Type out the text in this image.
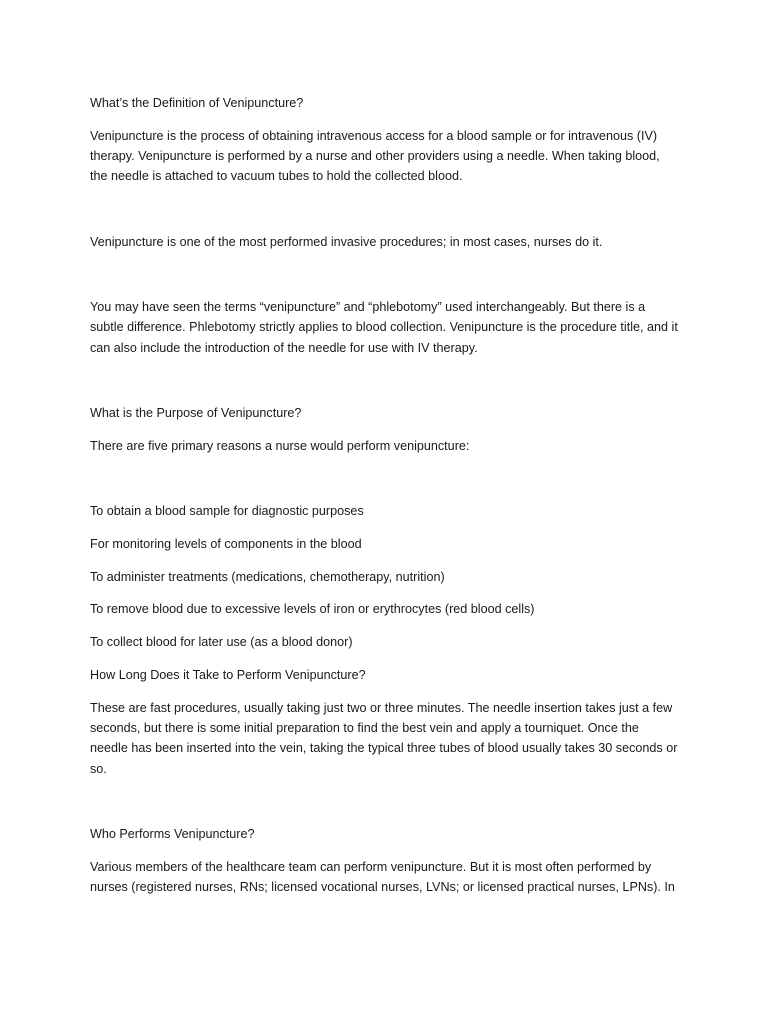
What’s the Definition of Venipuncture?

Venipuncture is the process of obtaining intravenous access for a blood sample or for intravenous (IV) therapy. Venipuncture is performed by a nurse and other providers using a needle. When taking blood, the needle is attached to vacuum tubes to hold the collected blood.

Venipuncture is one of the most performed invasive procedures; in most cases, nurses do it.

You may have seen the terms “venipuncture” and “phlebotomy” used interchangeably. But there is a subtle difference. Phlebotomy strictly applies to blood collection. Venipuncture is the procedure title, and it can also include the introduction of the needle for use with IV therapy.

What is the Purpose of Venipuncture?

There are five primary reasons a nurse would perform venipuncture:

To obtain a blood sample for diagnostic purposes

For monitoring levels of components in the blood

To administer treatments (medications, chemotherapy, nutrition)

To remove blood due to excessive levels of iron or erythrocytes (red blood cells)

To collect blood for later use (as a blood donor)

How Long Does it Take to Perform Venipuncture?

These are fast procedures, usually taking just two or three minutes. The needle insertion takes just a few seconds, but there is some initial preparation to find the best vein and apply a tourniquet. Once the needle has been inserted into the vein, taking the typical three tubes of blood usually takes 30 seconds or so.

Who Performs Venipuncture?

Various members of the healthcare team can perform venipuncture. But it is most often performed by nurses (registered nurses, RNs; licensed vocational nurses, LVNs; or licensed practical nurses, LPNs). In
